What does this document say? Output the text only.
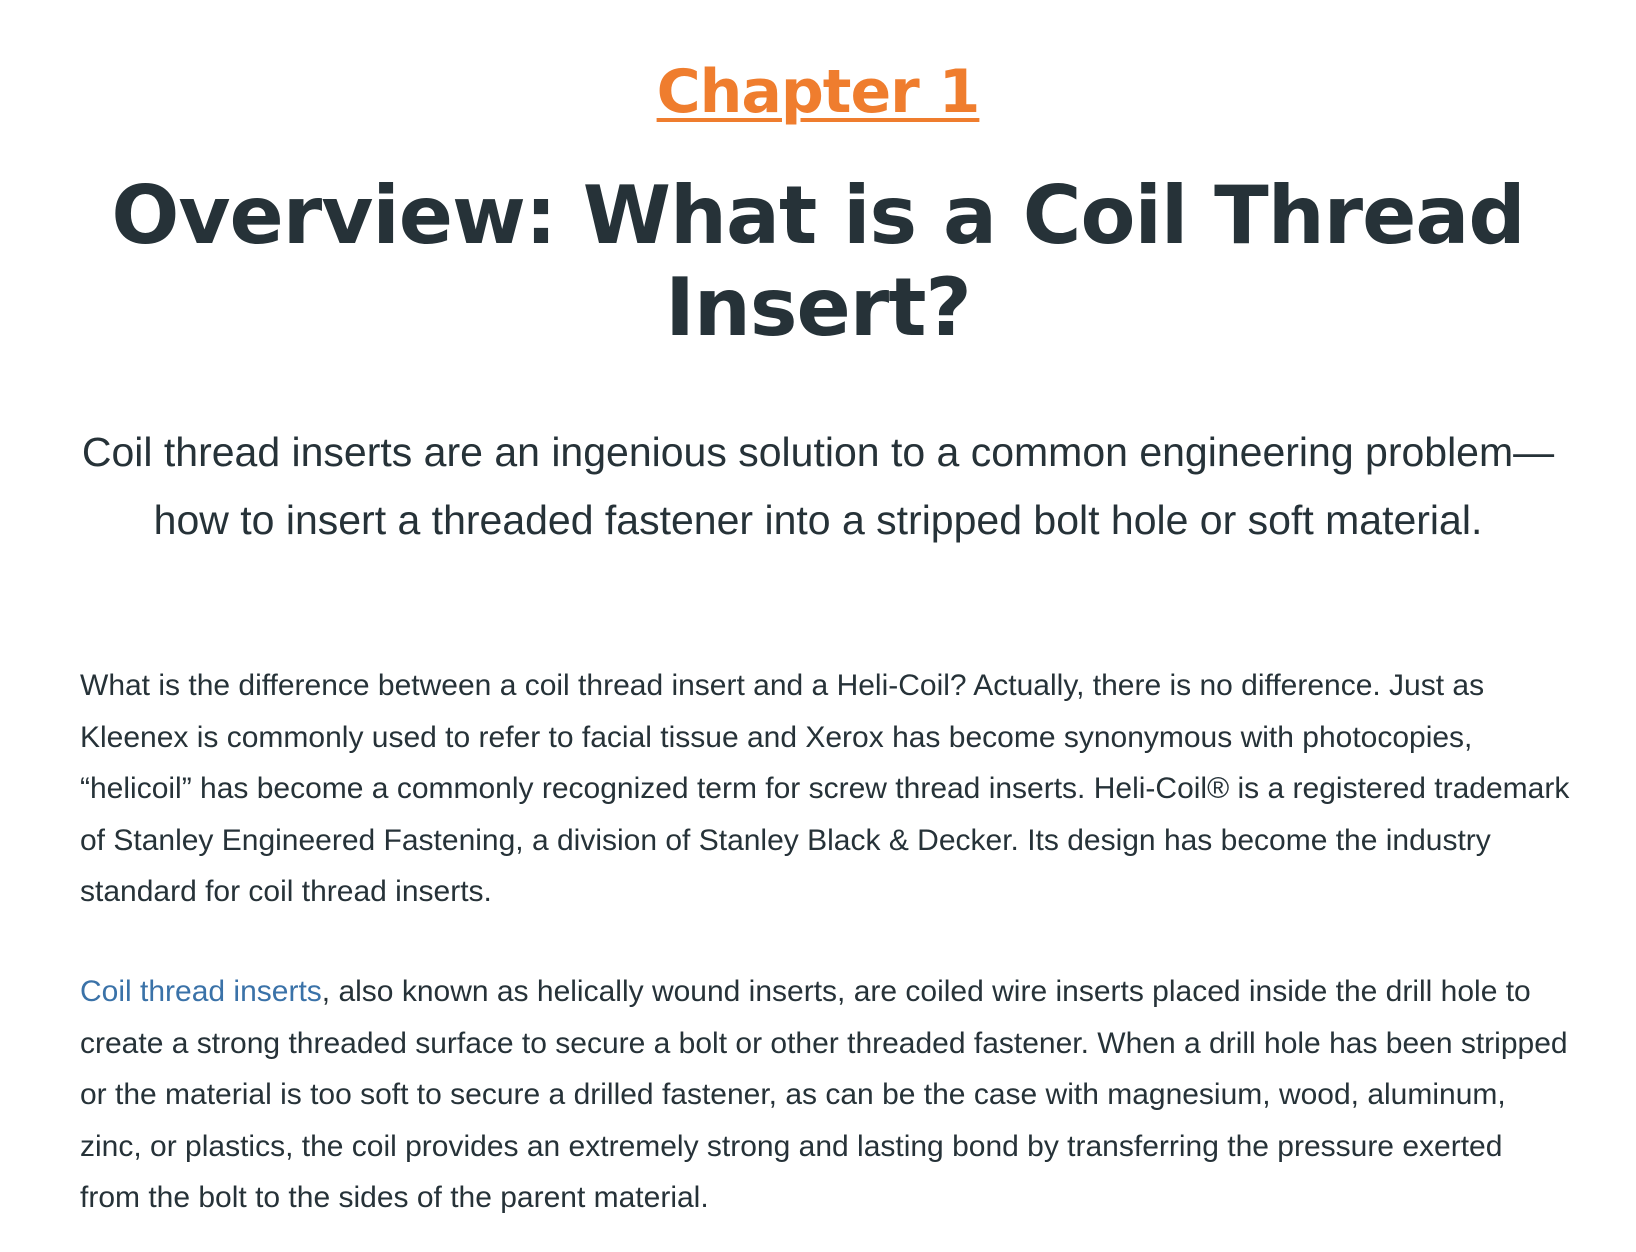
Chapter 1
Overview: What is a Coil Thread Insert?

Coil thread inserts are an ingenious solution to a common engineering problem—how to insert a threaded fastener into a stripped bolt hole or soft material.

What is the difference between a coil thread insert and a Heli-Coil? Actually, there is no difference. Just as Kleenex is commonly used to refer to facial tissue and Xerox has become synonymous with photocopies, “helicoil” has become a commonly recognized term for screw thread inserts. Heli-Coil® is a registered trademark of Stanley Engineered Fastening, a division of Stanley Black & Decker. Its design has become the industry standard for coil thread inserts.

Coil thread inserts, also known as helically wound inserts, are coiled wire inserts placed inside the drill hole to create a strong threaded surface to secure a bolt or other threaded fastener. When a drill hole has been stripped or the material is too soft to secure a drilled fastener, as can be the case with magnesium, wood, aluminum, zinc, or plastics, the coil provides an extremely strong and lasting bond by transferring the pressure exerted from the bolt to the sides of the parent material.
